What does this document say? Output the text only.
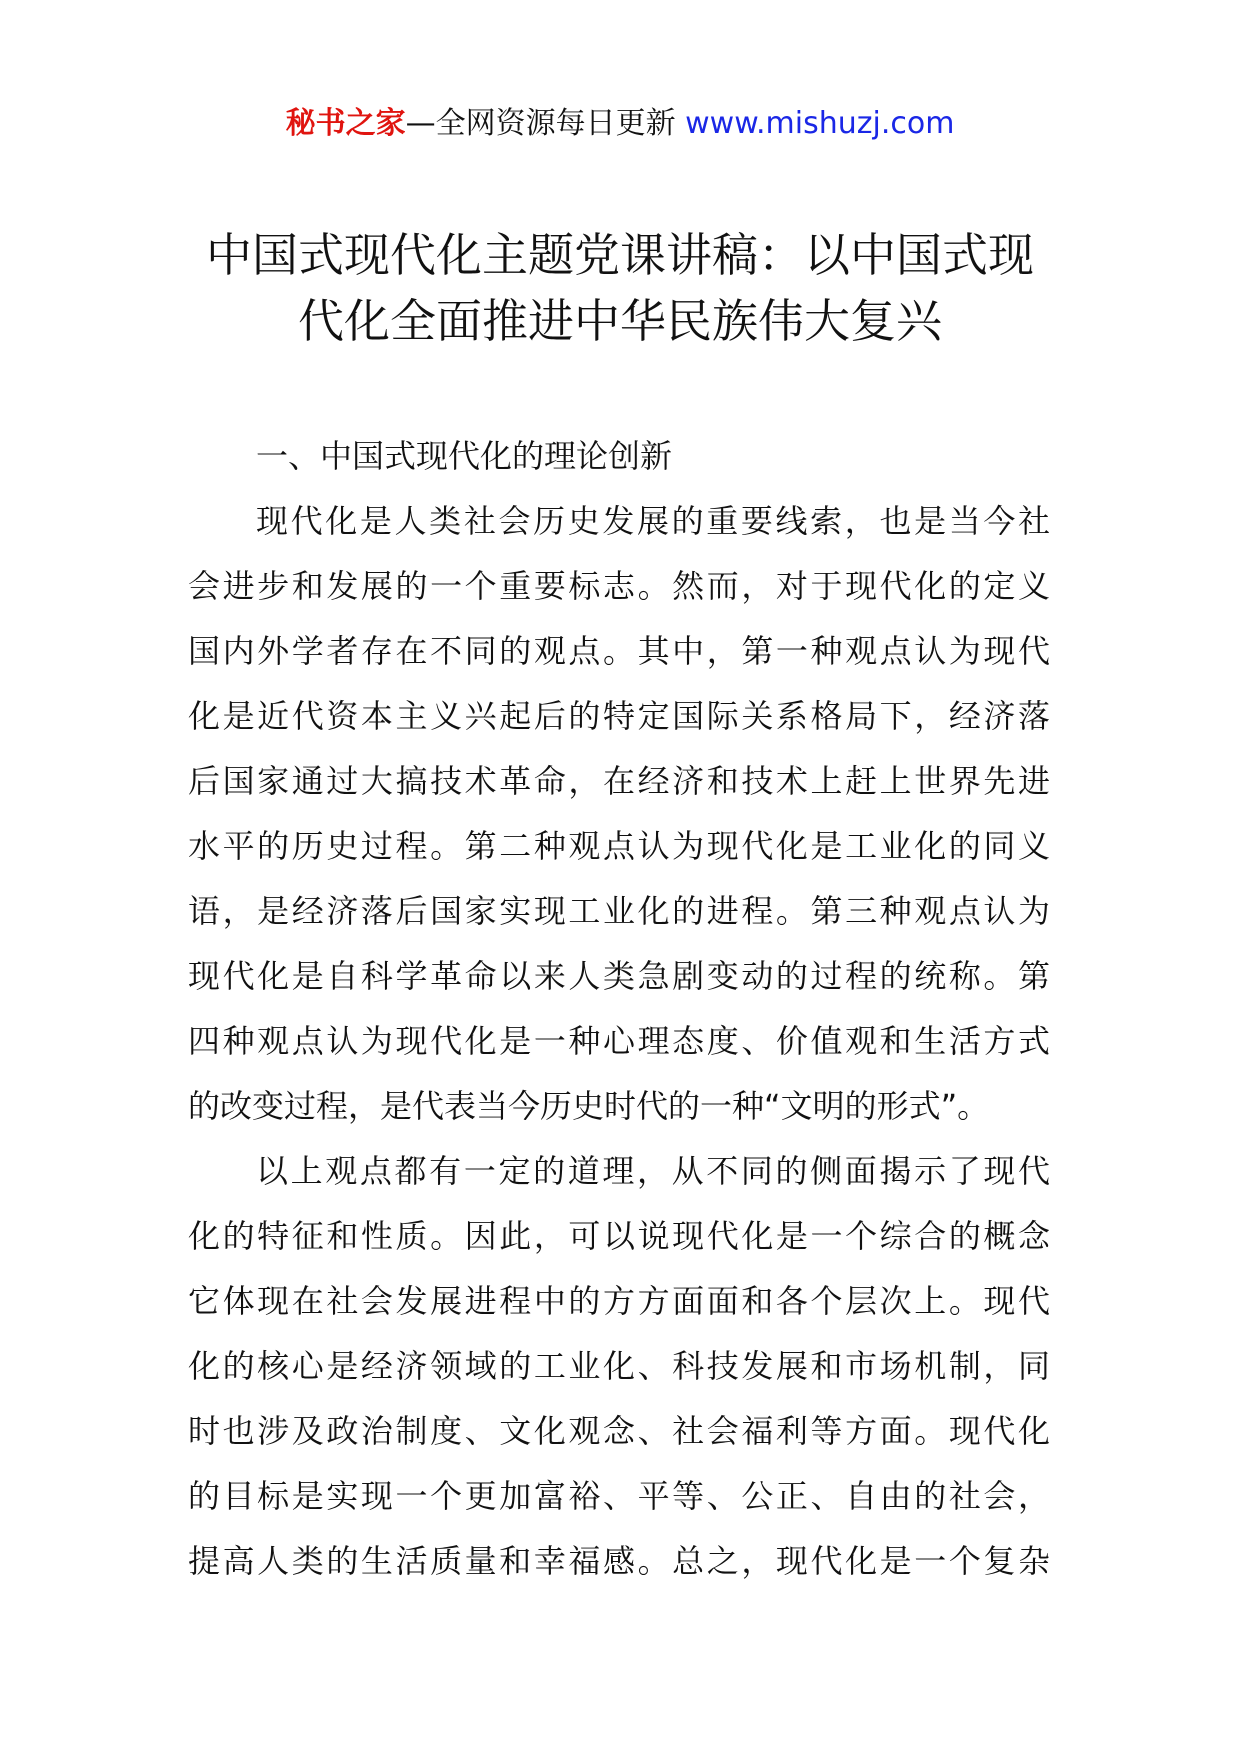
秘书之家—全网资源每日更新 www.mishuzj.com
中国式现代化主题党课讲稿：以中国式现
代化全面推进中华民族伟大复兴
一、中国式现代化的理论创新
现代化是人类社会历史发展的重要线索，也是当今社
会进步和发展的一个重要标志。然而，对于现代化的定义
国内外学者存在不同的观点。其中，第一种观点认为现代
化是近代资本主义兴起后的特定国际关系格局下，经济落
后国家通过大搞技术革命，在经济和技术上赶上世界先进
水平的历史过程。第二种观点认为现代化是工业化的同义
语，是经济落后国家实现工业化的进程。第三种观点认为
现代化是自科学革命以来人类急剧变动的过程的统称。第
四种观点认为现代化是一种心理态度、价值观和生活方式
的改变过程，是代表当今历史时代的一种“文明的形式”。
以上观点都有一定的道理，从不同的侧面揭示了现代
化的特征和性质。因此，可以说现代化是一个综合的概念
它体现在社会发展进程中的方方面面和各个层次上。现代
化的核心是经济领域的工业化、科技发展和市场机制，同
时也涉及政治制度、文化观念、社会福利等方面。现代化
的目标是实现一个更加富裕、平等、公正、自由的社会，
提高人类的生活质量和幸福感。总之，现代化是一个复杂
